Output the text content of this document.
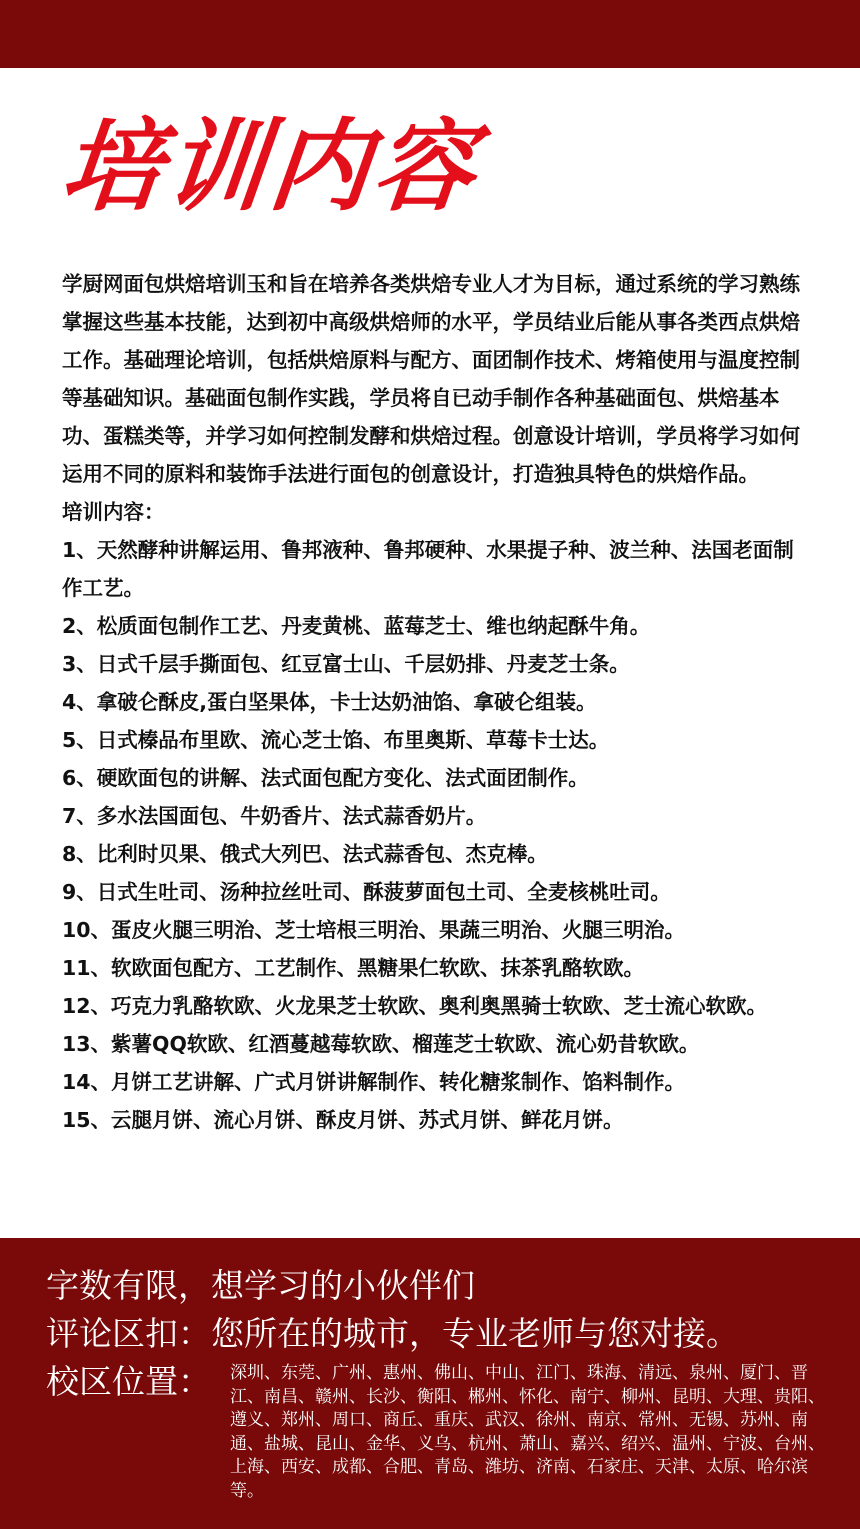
培训内容

学厨网面包烘焙培训玉和旨在培养各类烘焙专业人才为目标，通过系统的学习熟练掌握这些基本技能，达到初中高级烘焙师的水平，学员结业后能从事各类西点烘焙工作。基础理论培训，包括烘焙原料与配方、面团制作技术、烤箱使用与温度控制等基础知识。基础面包制作实践，学员将自已动手制作各种基础面包、烘焙基本功、蛋糕类等，并学习如何控制发酵和烘焙过程。创意设计培训，学员将学习如何运用不同的原料和装饰手法进行面包的创意设计，打造独具特色的烘焙作品。

培训内容：

1、天然酵种讲解运用、鲁邦液种、鲁邦硬种、水果提子种、波兰种、法国老面制作工艺。
2、松质面包制作工艺、丹麦黄桃、蓝莓芝士、维也纳起酥牛角。
3、日式千层手撕面包、红豆富士山、千层奶排、丹麦芝士条。
4、拿破仑酥皮,蛋白坚果体，卡士达奶油馅、拿破仑组装。
5、日式榛品布里欧、流心芝士馅、布里奥斯、草莓卡士达。
6、硬欧面包的讲解、法式面包配方变化、法式面团制作。
7、多水法国面包、牛奶香片、法式蒜香奶片。
8、比利时贝果、俄式大列巴、法式蒜香包、杰克棒。
9、日式生吐司、汤种拉丝吐司、酥菠萝面包土司、全麦核桃吐司。
10、蛋皮火腿三明治、芝士培根三明治、果蔬三明治、火腿三明治。
11、软欧面包配方、工艺制作、黑糖果仁软欧、抹茶乳酪软欧。
12、巧克力乳酪软欧、火龙果芝士软欧、奥利奥黑骑士软欧、芝士流心软欧。
13、紫薯QQ软欧、红酒蔓越莓软欧、榴莲芝士软欧、流心奶昔软欧。
14、月饼工艺讲解、广式月饼讲解制作、转化糖浆制作、馅料制作。
15、云腿月饼、流心月饼、酥皮月饼、苏式月饼、鲜花月饼。
字数有限，想学习的小伙伴们
评论区扣：您所在的城市，专业老师与您对接。
校区位置： 深圳、东莞、广州、惠州、佛山、中山、江门、珠海、清远、泉州、厦门、晋江、南昌、赣州、长沙、衡阳、郴州、怀化、南宁、柳州、昆明、大理、贵阳、遵义、郑州、周口、商丘、重庆、武汉、徐州、南京、常州、无锡、苏州、南通、盐城、昆山、金华、义乌、杭州、萧山、嘉兴、绍兴、温州、宁波、台州、上海、西安、成都、合肥、青岛、潍坊、济南、石家庄、天津、太原、哈尔滨等。
